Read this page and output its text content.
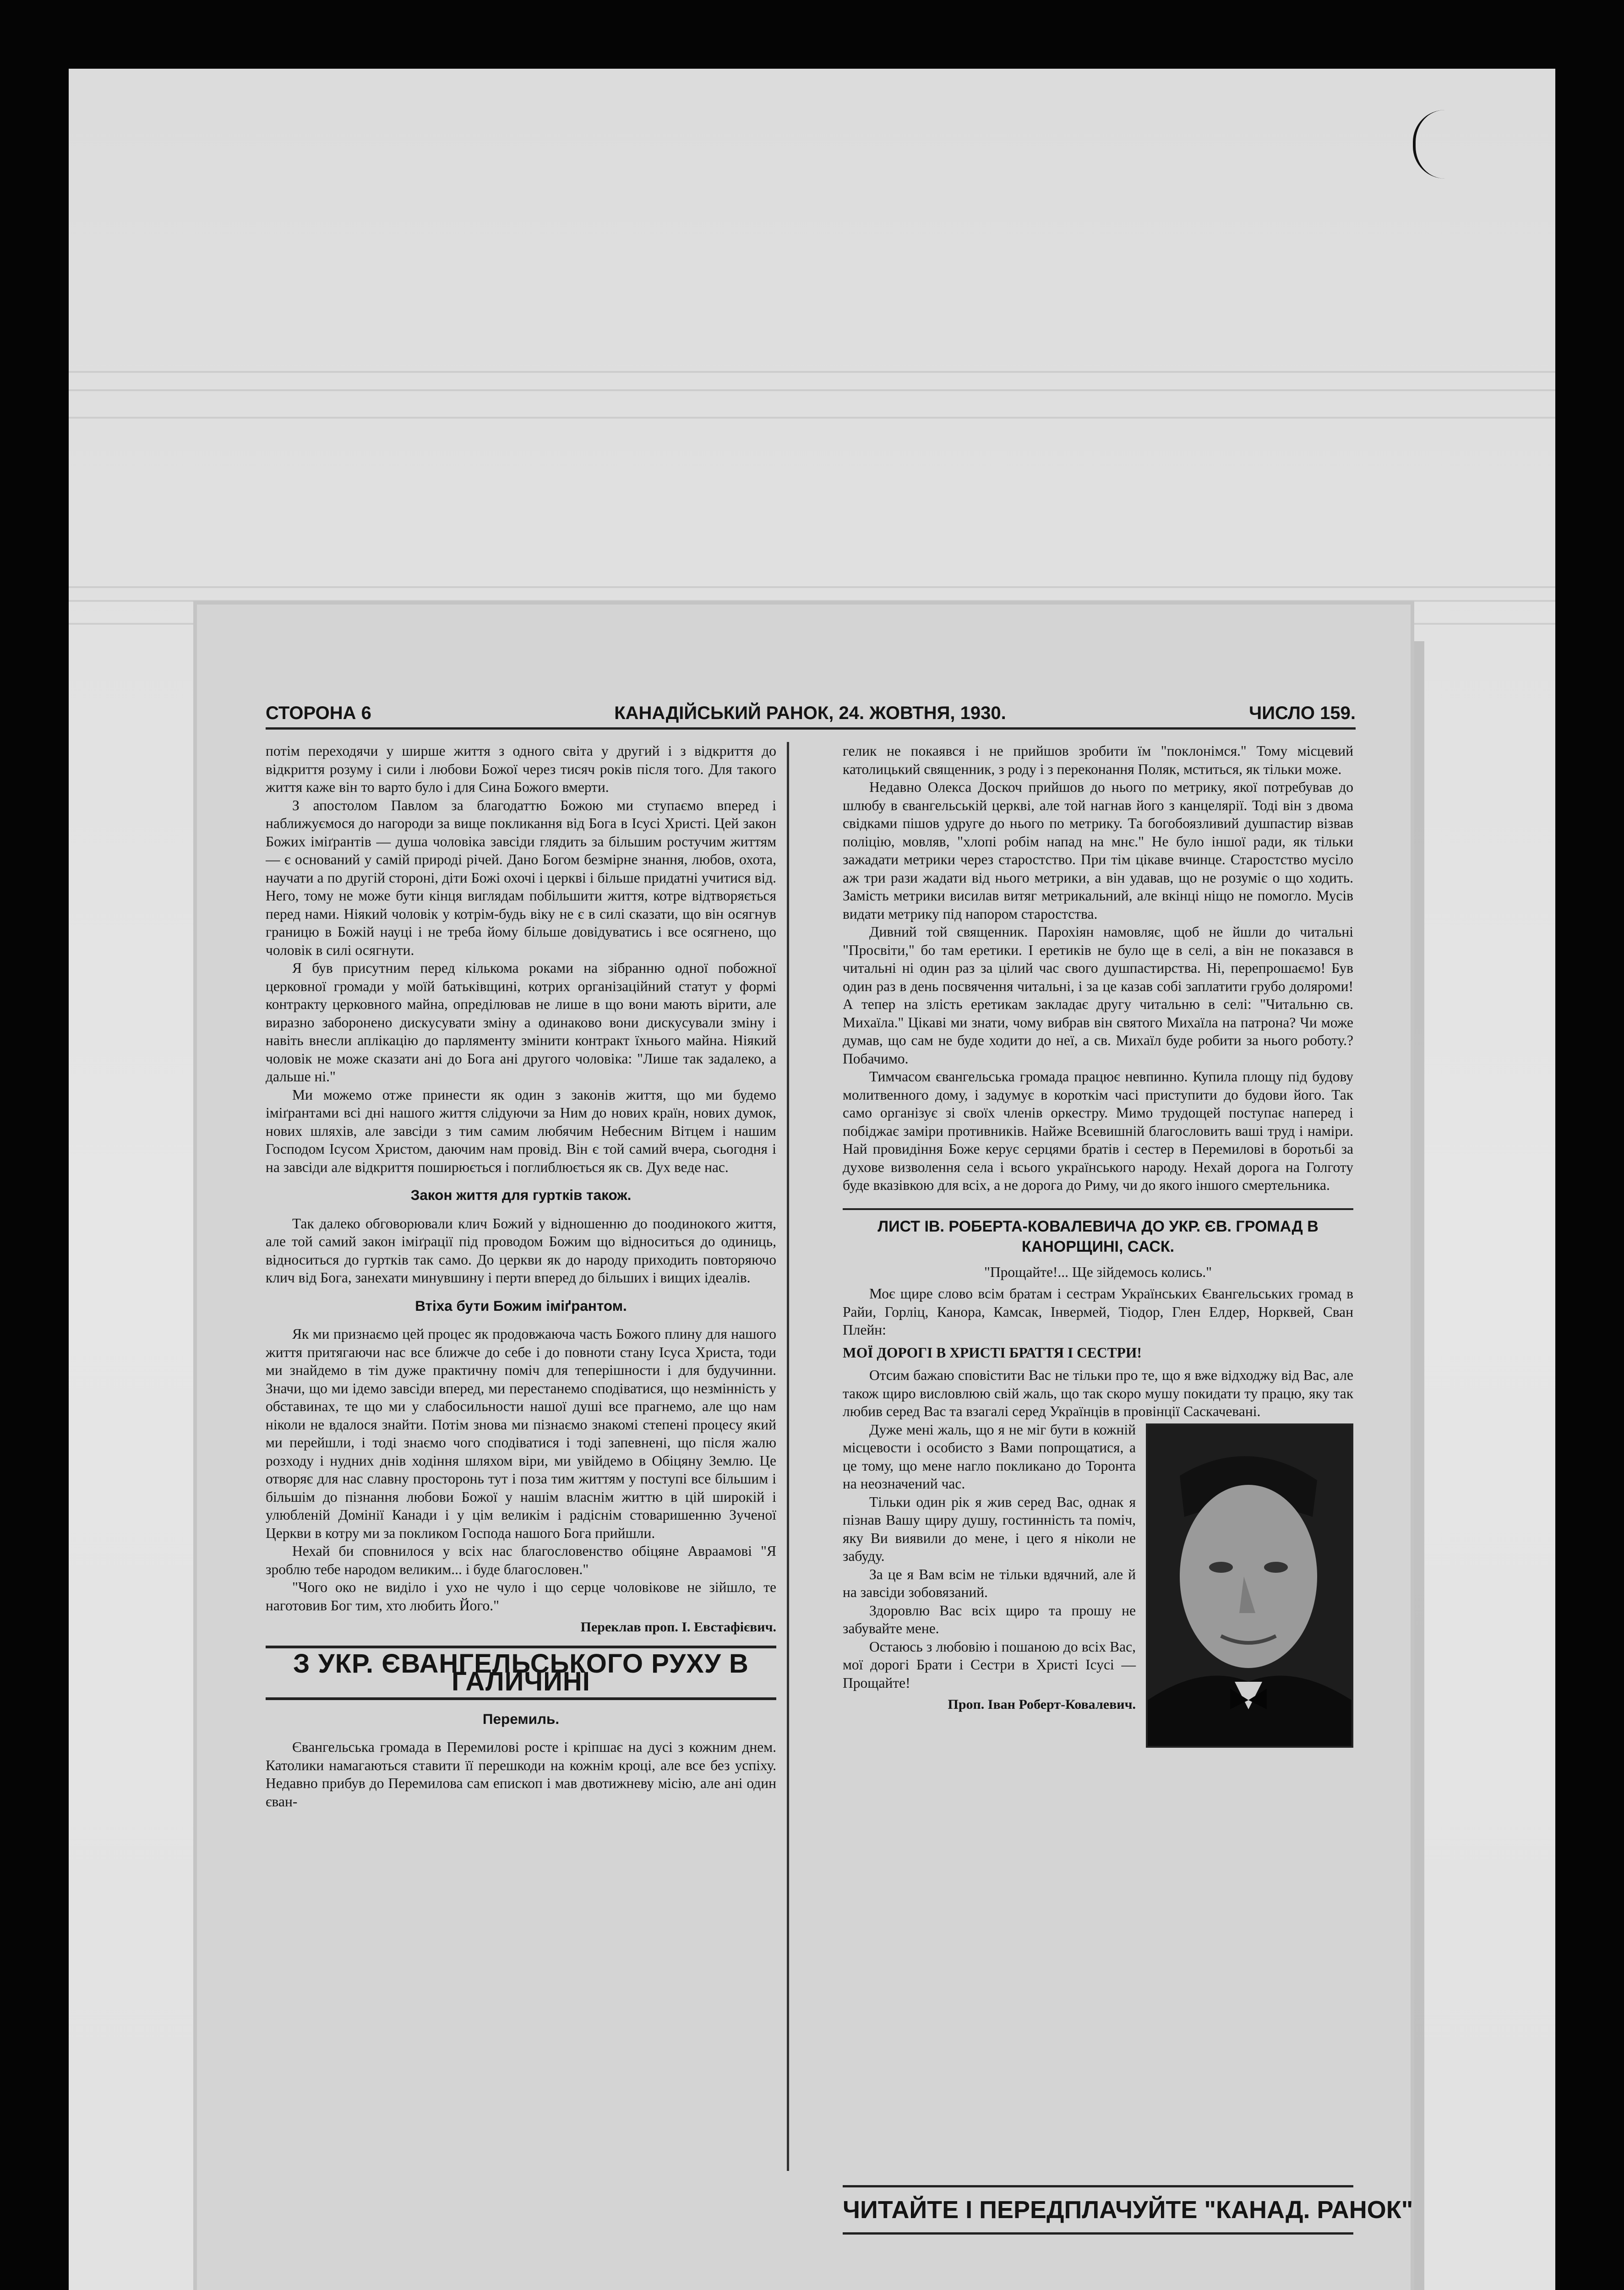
СТОРОНА 6	КАНАДІЙСЬКИЙ РАНОК, 24. ЖОВТНЯ, 1930.	ЧИСЛО 159.

потім переходячи у ширше життя з одного світа у другий і з відкриття до відкриття розуму і сили і любови Божої через тисяч років після того. Для такого життя каже він то варто було і для Сина Божого вмерти.

З апостолом Павлом за благодаттю Божою ми ступаємо вперед і наближуємося до нагороди за вище покликання від Бога в Ісусі Христі. Цей закон Божих іміґрантів — душа чоловіка завсіди глядить за більшим ростучим життям — є оснований у самій природі річей. Дано Богом безмірне знання, любов, охота, научати а по другій стороні, діти Божі охочі і церкві і більше придатні учитися від. Него, тому не може бути кінця виглядам побільшити життя, котре відтворяється перед нами. Ніякий чоловік у котрім-будь віку не є в силі сказати, що він осягнув границю в Божій науці і не треба йому більше довідуватись і все осягнено, що чоловік в силі осягнути.

Я був присутним перед кількома роками на зібранню одної побожної церковної громади у моїй батьківщині, котрих організаційний статут у формі контракту церковного майна, опреділював не лише в що вони мають вірити, але виразно заборонено дискусувати зміну а одинаково вони дискусували зміну і навіть внесли аплікацію до парляменту змінити контракт їхнього майна. Ніякий чоловік не може сказати ані до Бога ані другого чоловіка: "Лише так задалеко, а дальше ні."

Ми можемо отже принести як один з законів життя, що ми будемо іміґрантами всі дні нашого життя слідуючи за Ним до нових країн, нових думок, нових шляхів, але завсіди з тим самим любячим Небесним Вітцем і нашим Господом Ісусом Христом, даючим нам провід. Він є той самий вчера, сьогодня і на завсіди але відкриття поширюється і поглиблюється як св. Дух веде нас.

Закон життя для гуртків також.

Так далеко обговорювали клич Божий у відношенню до поодинокого життя, але той самий закон іміґрації під проводом Божим що відноситься до одиниць, відноситься до гуртків так само. До церкви як до народу приходить повторяючо клич від Бога, занехати минувшину і перти вперед до більших і вищих ідеалів.

Втіха бути Божим іміґрантом.

Як ми признаємо цей процес як продовжаюча часть Божого плину для нашого життя притягаючи нас все ближче до себе і до повноти стану Ісуса Христа, тоди ми знайдемо в тім дуже практичну поміч для теперішности і для будучинни. Значи, що ми ідемо завсіди вперед, ми перестанемо сподіватися, що незмінність у обставинах, те що ми у слабосильности нашої душі все прагнемо, але що нам ніколи не вдалося знайти. Потім знова ми пізнаємо знакомі степені процесу який ми перейшли, і тоді знаємо чого сподіватися і тоді запевнені, що після жалю розходу і нудних днів ходіння шляхом віри, ми увійдемо в Обіцяну Землю. Це отворяє для нас славну просторонь тут і поза тим життям у поступі все більшим і більшім до пізнання любови Божої у нашім власнім життю в цій широкій і улюбленій Домінії Канади і у цім великім і радіснім стоваришенню Зученої Церкви в котру ми за покликом Господа нашого Бога прийшли.

Нехай би сповнилося у всіх нас благословенство обіцяне Авраамові "Я зроблю тебе народом великим... і буде благословен."

"Чого око не виділо і ухо не чуло і що серце чоловікове не зійшло, те наготовив Бог тим, хто любить Його."

Переклав проп. І. Евстафієвич.
З УКР. ЄВАНГЕЛЬСЬКОГО РУХУ В ГАЛИЧИНІ
Перемиль.

Євангельська громада в Перемилові росте і кріпшає на дусі з кожним днем. Католики намагаються ставити її перешкоди на кожнім кроці, але все без успіху. Недавно прибув до Перемилова сам епископ і мав двотижневу місію, але ані один єван-

гелик не покаявся і не прийшов зробити їм "поклонімся." Тому місцевий католицький священник, з роду і з переконання Поляк, мститься, як тільки може.

Недавно Олекса Доскоч прийшов до нього по метрику, якої потребував до шлюбу в євангельській церкві, але той нагнав його з канцелярії. Тоді він з двома свідками пішов удруге до нього по метрику. Та богобоязливий душпастир візвав поліцію, мовляв, "хлопі робім напад на мнє." Не було іншої ради, як тільки зажадати метрики через старостство. При тім цікаве вчинце. Старостство мусіло аж три рази жадати від нього метрики, а він удавав, що не розуміє о що ходить. Замість метрики висилав витяг метрикальний, але вкінці ніщо не помогло. Мусів видати метрику під напором старостства.

Дивний той священник. Парохіян намовляє, щоб не йшли до читальні "Просвіти," бо там еретики. І еретиків не було ще в селі, а він не показався в читальні ні один раз за цілий час свого душпастирства. Ні, перепрошаємо! Був один раз в день посвячення читальні, і за це казав собі заплатити грубо доляроми! А тепер на злість еретикам закладає другу читальню в селі: "Читальню св. Михаїла." Цікаві ми знати, чому вибрав він святого Михаїла на патрона? Чи може думав, що сам не буде ходити до неї, а св. Михаїл буде робити за нього роботу.? Побачимо.

Тимчасом євангельська громада працює невпинно. Купила площу під будову молитвенного дому, і задумує в короткім часі приступити до будови його. Так само організує зі своїх членів оркестру. Мимо трудощей поступає наперед і побіджає заміри противників. Найже Всевишній благословить ваші труд і наміри. Най провидіння Боже керує серцями братів і сестер в Перемилові в боротьбі за духове визволення села і всього українського народу. Нехай дорога на Голготу буде вказівкою для всіх, а не дорога до Риму, чи до якого іншого смертельника.

ЛИСТ ІВ. РОБЕРТА-КОВАЛЕВИЧА ДО УКР. ЄВ. ГРОМАД В КАНОРЩИНІ, САСК.
"Прощайте!... Ще зійдемось колись."

Моє щире слово всім братам і сестрам Українських Євангельських громад в Райи, Горліц, Канора, Камсак, Інвермей, Тіодор, Глен Елдер, Норквей, Сван Плейн:

МОЇ ДОРОГІ В ХРИСТІ БРАТТЯ І СЕСТРИ!

Отсим бажаю сповістити Вас не тільки про те, що я вже відходжу від Вас, але також щиро висловлюю свій жаль, що так скоро мушу покидати ту працю, яку так любив серед Вас та взагалі серед Українців в провінції Саскачевані.

Дуже мені жаль, що я не міг бути в кожній місцевости і особисто з Вами попрощатися, а це тому, що мене нагло покликано до Торонта на неозначений час.

Тільки один рік я жив серед Вас, однак я пізнав Вашу щиру душу, гостинність та поміч, яку Ви виявили до мене, і цего я ніколи не забуду.

За це я Вам всім не тільки вдячний, але й на завсіди зобовязаний.

Здоровлю Вас всіх щиро та прошу не забувайте мене.

Остаюсь з любовію і пошаною до всіх Вас, мої дорогі Брати і Сестри в Христі Ісусі — Прощайте!

Проп. Іван Роберт-Ковалевич.
ЧИТАЙТЕ І ПЕРЕДПЛАЧУЙТЕ "КАНАД. РАНОК"
